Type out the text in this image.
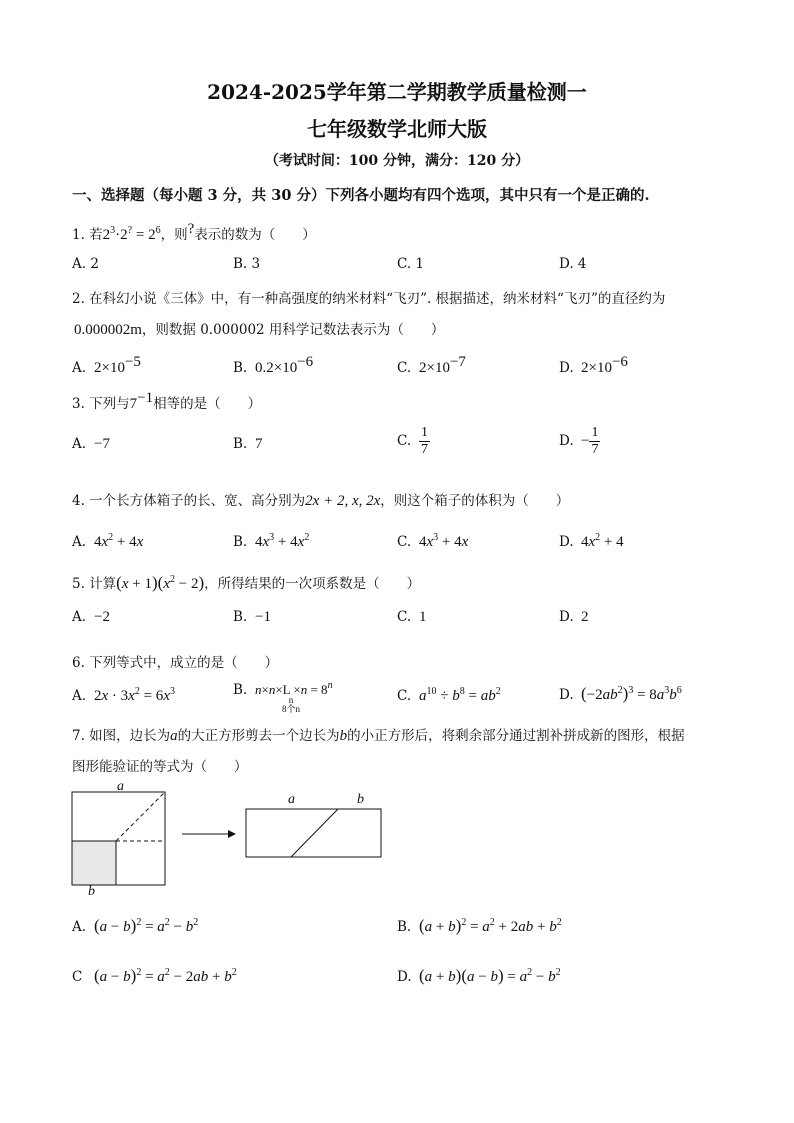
2024-2025学年第二学期教学质量检测一
七年级数学北师大版
（考试时间：100 分钟，满分：120 分）
一、选择题（每小题 3 分，共 30 分）下列各小题均有四个选项，其中只有一个是正确的.
1. 若$2^3\cdot 2^? = 2^6$，则?表示的数为（　　）
A. 2	B. 3	C. 1	D. 4
2. 在科幻小说《三体》中，有一种高强度的纳米材料“飞刃”. 根据描述，纳米材料“飞刃”的直径约为
0.000002m，则数据 0.000002 用科学记数法表示为（　　）
A. $2\times 10^{-5}$	B. $0.2\times 10^{-6}$	C. $2\times 10^{-7}$	D. $2\times 10^{-6}$
3. 下列与$7^{-1}$相等的是（　　）
A. −7	B. 7	C. $\frac{1}{7}$	D. − $\frac{1}{7}$
4. 一个长方体箱子的长、宽、高分别为2x + 2, x, 2x，则这个箱子的体积为（　　）
A. $4x^2 + 4x$	B. $4x^3 + 4x^2$	C. $4x^3 + 4x$	D. $4x^2 + 4$
5. 计算$(x + 1)(x^2 - 2)$，所得结果的一次项系数是（　　）
A. −2	B. −1	C. 1	D. 2
6. 下列等式中，成立的是（　　）
A. $2x \cdot 3x^2 = 6x^3$	B. $n\times n\times L \times n = 8^n$
n
8个n
C. $a^{10} \div b^8 = ab^2$	D. $(-2ab^2)^3 = 8a^3b^6$
7. 如图，边长为a的大正方形剪去一个边长为b的小正方形后，将剩余部分通过割补拼成新的图形，根据
图形能验证的等式为（　　）
a
b
a	b
A. $(a - b)^2 = a^2 - b^2$	B. $(a + b)^2 = a^2 + 2ab + b^2$
C $(a - b)^2 = a^2 - 2ab + b^2$	D. $(a + b)(a - b) = a^2 - b^2$
